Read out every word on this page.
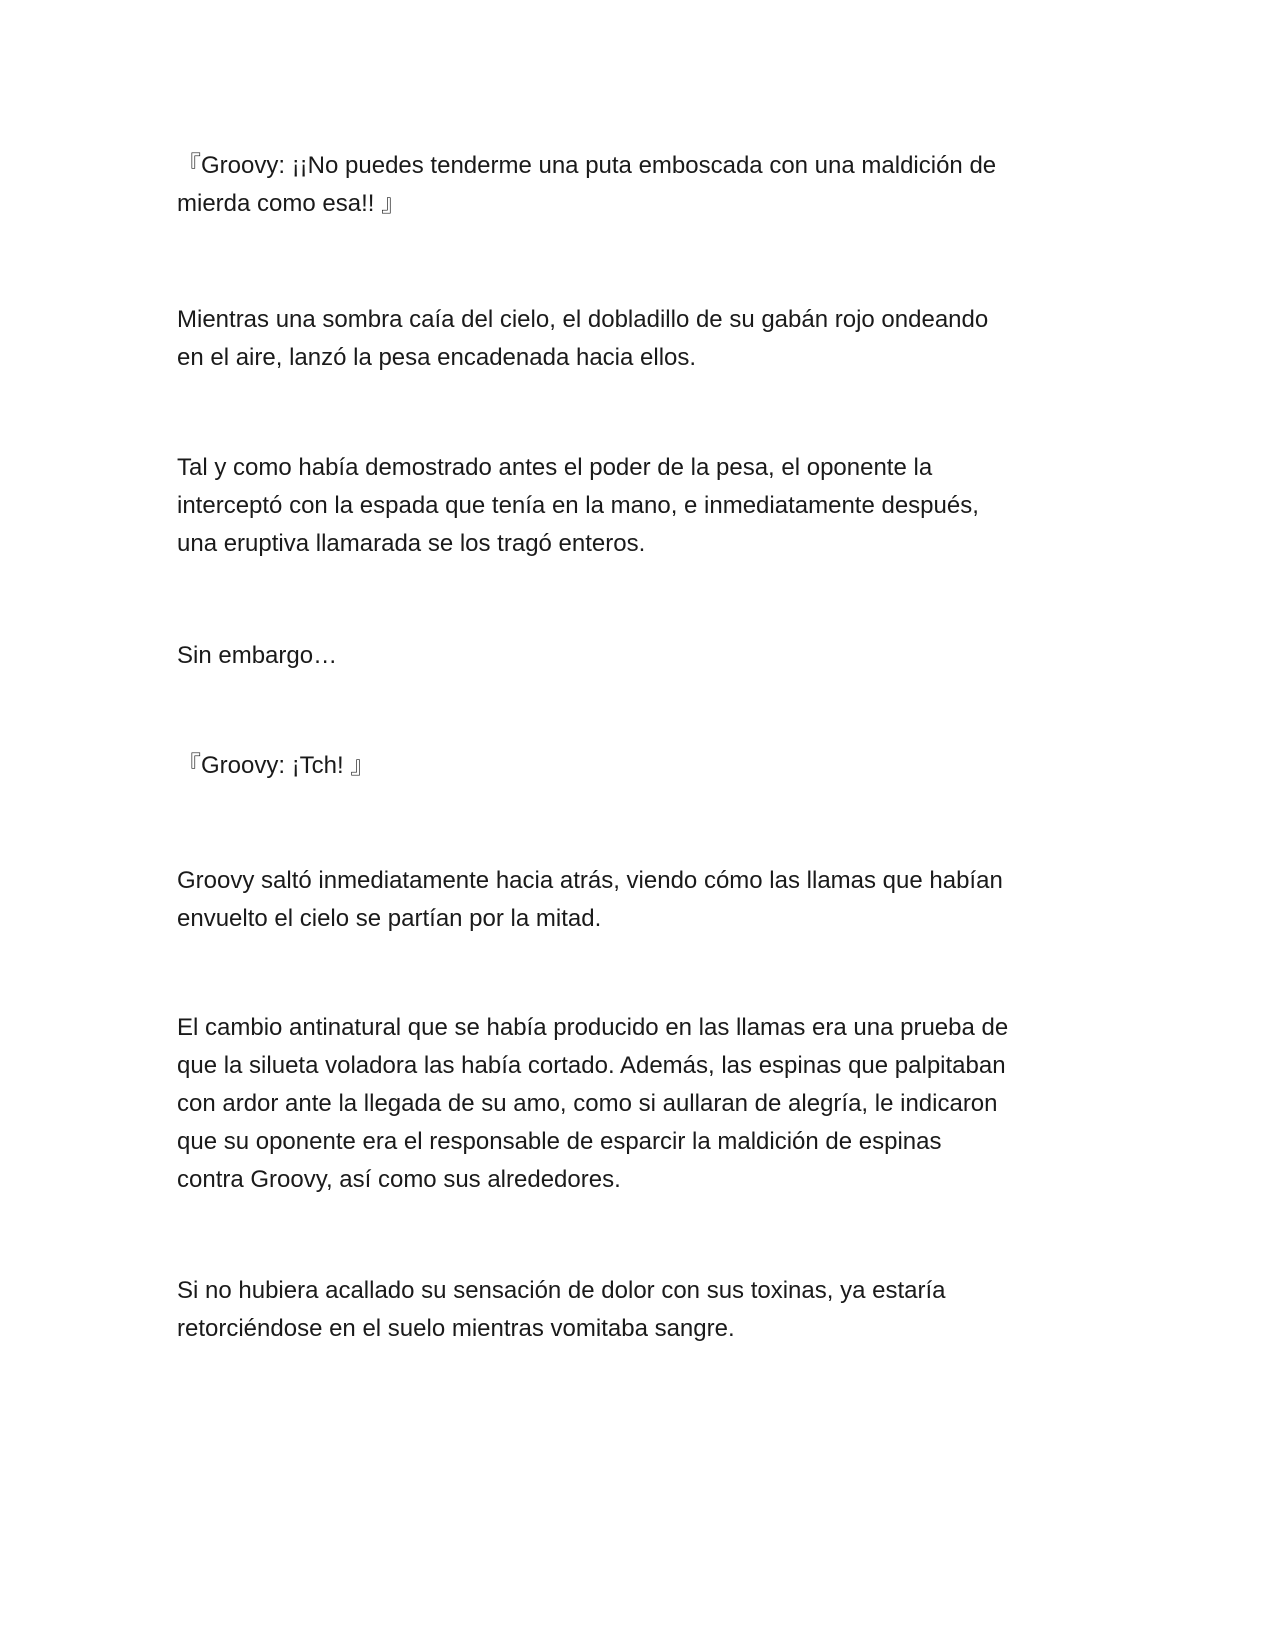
『Groovy: ¡¡No puedes tenderme una puta emboscada con una maldición de
mierda como esa!! 』

Mientras una sombra caía del cielo, el dobladillo de su gabán rojo ondeando
en el aire, lanzó la pesa encadenada hacia ellos.

Tal y como había demostrado antes el poder de la pesa, el oponente la
interceptó con la espada que tenía en la mano, e inmediatamente después,
una eruptiva llamarada se los tragó enteros.

Sin embargo…

『Groovy: ¡Tch! 』

Groovy saltó inmediatamente hacia atrás, viendo cómo las llamas que habían
envuelto el cielo se partían por la mitad.

El cambio antinatural que se había producido en las llamas era una prueba de
que la silueta voladora las había cortado. Además, las espinas que palpitaban
con ardor ante la llegada de su amo, como si aullaran de alegría, le indicaron
que su oponente era el responsable de esparcir la maldición de espinas
contra Groovy, así como sus alrededores.

Si no hubiera acallado su sensación de dolor con sus toxinas, ya estaría
retorciéndose en el suelo mientras vomitaba sangre.
